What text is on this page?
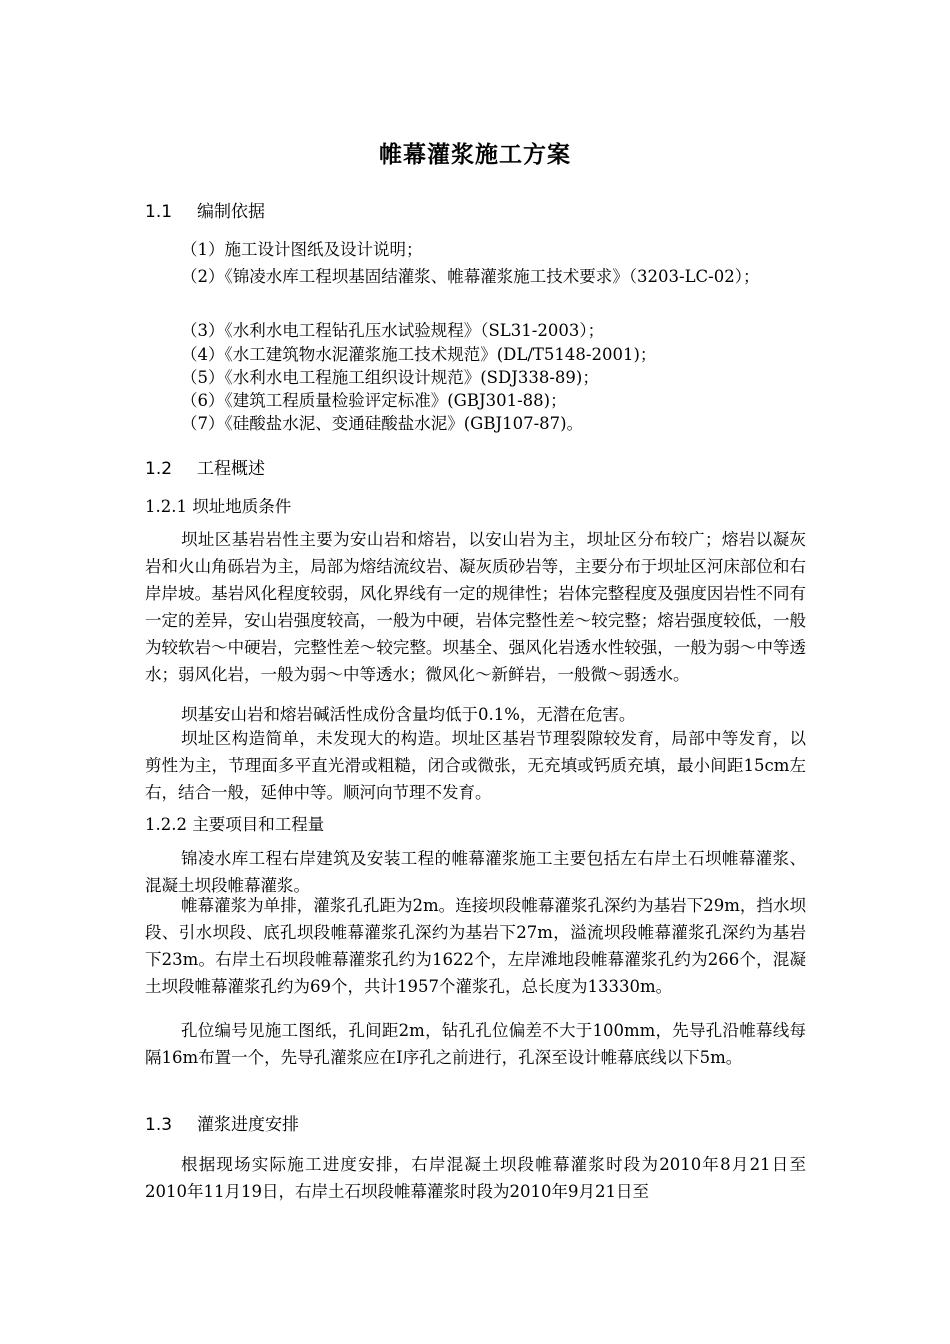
帷幕灌浆施工方案
1.1 编制依据
（1）施工设计图纸及设计说明；
（2）《锦凌水库工程坝基固结灌浆、帷幕灌浆施工技术要求》（3203-LC-02）；
（3）《水利水电工程钻孔压水试验规程》（SL31-2003）；
（4）《水工建筑物水泥灌浆施工技术规范》(DL/T5148-2001)；
（5）《水利水电工程施工组织设计规范》(SDJ338-89)；
（6）《建筑工程质量检验评定标准》(GBJ301-88)；
（7）《硅酸盐水泥、变通硅酸盐水泥》(GBJ107-87)。
1.2 工程概述
1.2.1 坝址地质条件
坝址区基岩岩性主要为安山岩和熔岩，以安山岩为主，坝址区分布较广；熔岩以凝灰岩和火山角砾岩为主，局部为熔结流纹岩、凝灰质砂岩等，主要分布于坝址区河床部位和右岸岸坡。基岩风化程度较弱，风化界线有一定的规律性；岩体完整程度及强度因岩性不同有一定的差异，安山岩强度较高，一般为中硬，岩体完整性差～较完整；熔岩强度较低，一般为较软岩～中硬岩，完整性差～较完整。坝基全、强风化岩透水性较强，一般为弱～中等透水；弱风化岩，一般为弱～中等透水；微风化～新鲜岩，一般微～弱透水。
坝基安山岩和熔岩碱活性成份含量均低于0.1%，无潜在危害。
坝址区构造简单，未发现大的构造。坝址区基岩节理裂隙较发育，局部中等发育，以剪性为主，节理面多平直光滑或粗糙，闭合或微张，无充填或钙质充填，最小间距15cm左右，结合一般，延伸中等。顺河向节理不发育。
1.2.2 主要项目和工程量
锦凌水库工程右岸建筑及安装工程的帷幕灌浆施工主要包括左右岸土石坝帷幕灌浆、混凝土坝段帷幕灌浆。
帷幕灌浆为单排，灌浆孔孔距为2m。连接坝段帷幕灌浆孔深约为基岩下29m，挡水坝段、引水坝段、底孔坝段帷幕灌浆孔深约为基岩下27m，溢流坝段帷幕灌浆孔深约为基岩下23m。右岸土石坝段帷幕灌浆孔约为1622个，左岸滩地段帷幕灌浆孔约为266个，混凝土坝段帷幕灌浆孔约为69个，共计1957个灌浆孔，总长度为13330m。
孔位编号见施工图纸，孔间距2m，钻孔孔位偏差不大于100mm，先导孔沿帷幕线每隔16m布置一个，先导孔灌浆应在Ⅰ序孔之前进行，孔深至设计帷幕底线以下5m。
1.3 灌浆进度安排
根据现场实际施工进度安排，右岸混凝土坝段帷幕灌浆时段为2010年8月21日至2010年11月19日，右岸土石坝段帷幕灌浆时段为2010年9月21日至
